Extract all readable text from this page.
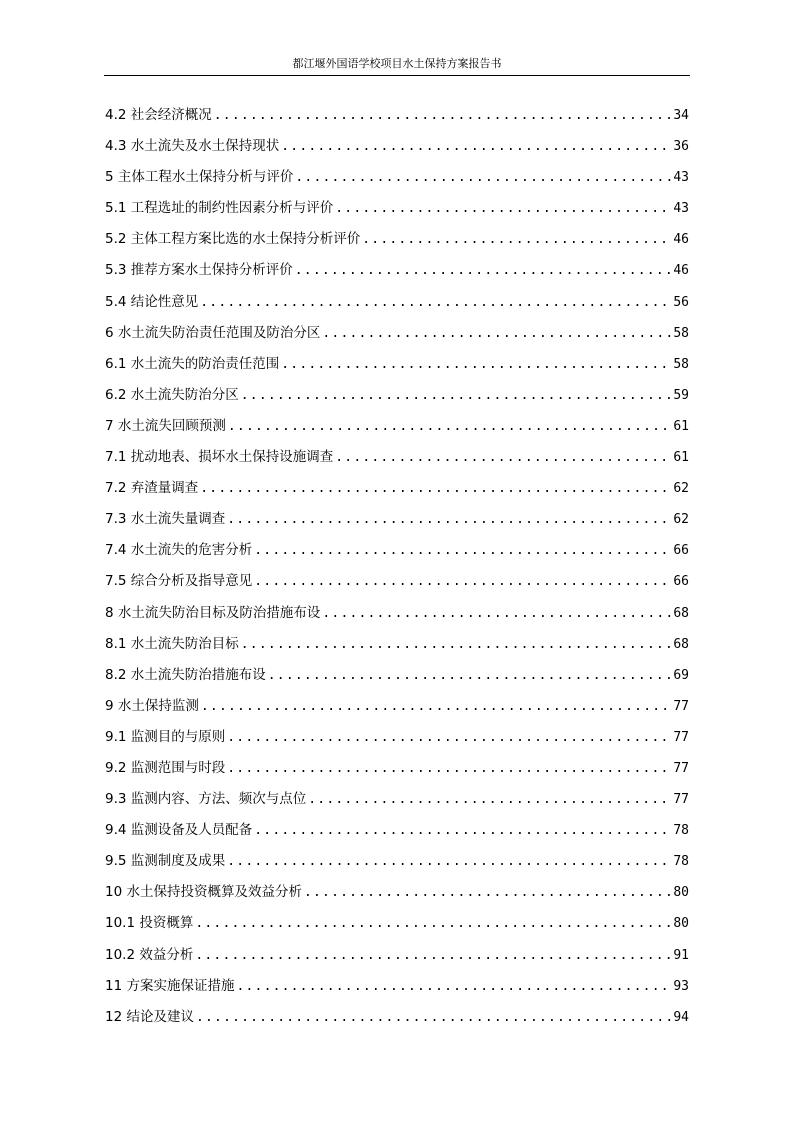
都江堰外国语学校项目水土保持方案报告书
4.2 社会经济概况 .....	34
4.3 水土流失及水土保持现状 .....	36
5 主体工程水土保持分析与评价 .....	43
5.1 工程选址的制约性因素分析与评价 .....	43
5.2 主体工程方案比选的水土保持分析评价 .....	46
5.3 推荐方案水土保持分析评价 .....	46
5.4 结论性意见 .....	56
6 水土流失防治责任范围及防治分区 .....	58
6.1 水土流失的防治责任范围 .....	58
6.2 水土流失防治分区 .....	59
7 水土流失回顾预测 .....	61
7.1 扰动地表、损坏水土保持设施调查 .....	61
7.2 弃渣量调查 .....	62
7.3 水土流失量调查 .....	62
7.4 水土流失的危害分析 .....	66
7.5 综合分析及指导意见 .....	66
8 水土流失防治目标及防治措施布设 .....	68
8.1 水土流失防治目标 .....	68
8.2 水土流失防治措施布设 .....	69
9 水土保持监测 .....	77
9.1 监测目的与原则 .....	77
9.2 监测范围与时段 .....	77
9.3 监测内容、方法、频次与点位 .....	77
9.4 监测设备及人员配备 .....	78
9.5 监测制度及成果 .....	78
10 水土保持投资概算及效益分析 .....	80
10.1 投资概算 .....	80
10.2 效益分析 .....	91
11 方案实施保证措施 .....	93
12 结论及建议 .....	94
